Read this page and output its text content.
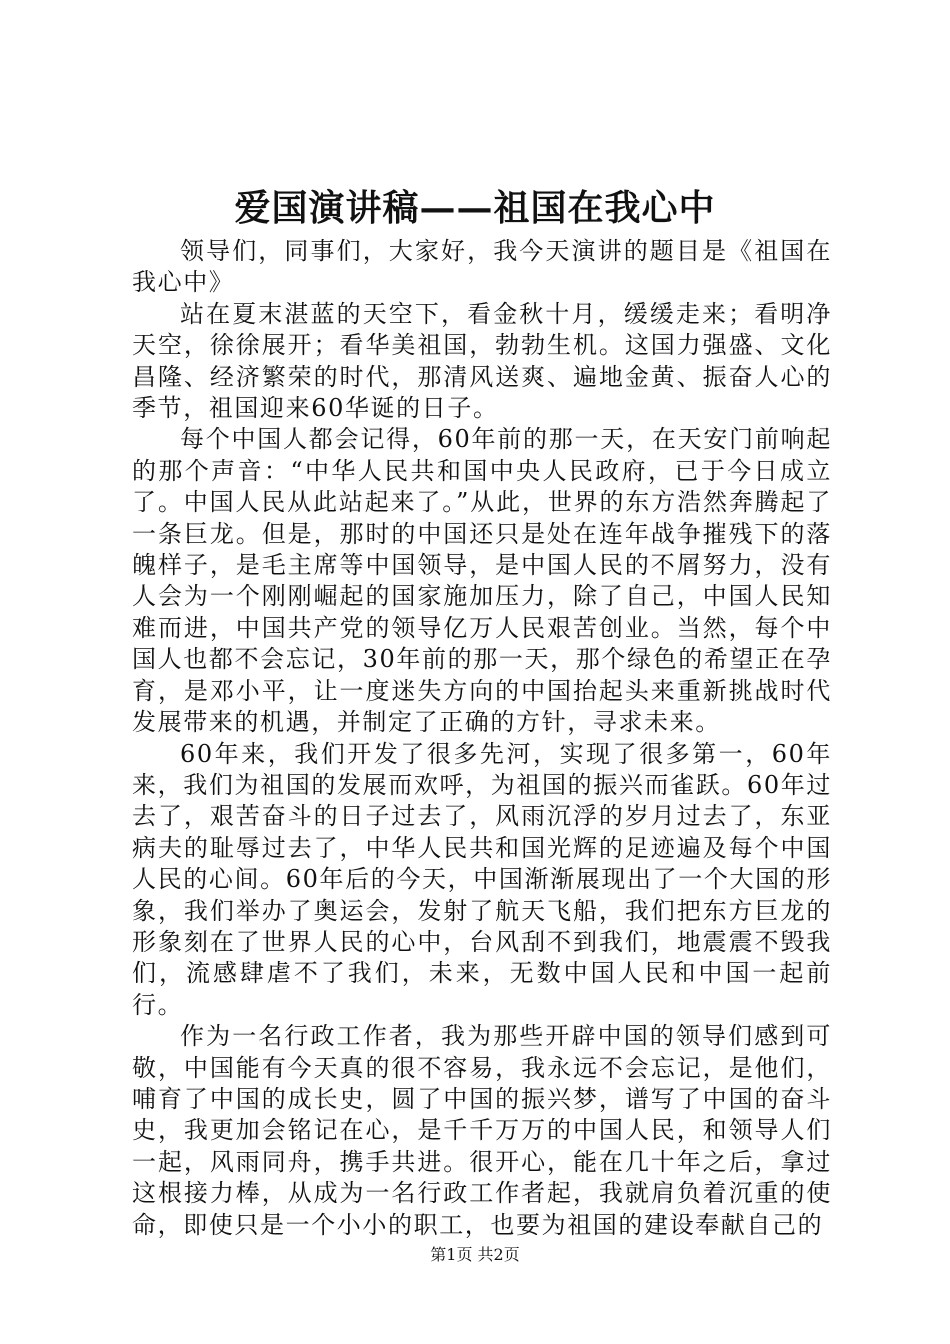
爱国演讲稿——祖国在我心中

领导们，同事们，大家好，我今天演讲的题目是《祖国在我心中》

站在夏末湛蓝的天空下，看金秋十月，缓缓走来；看明净天空，徐徐展开；看华美祖国，勃勃生机。这国力强盛、文化昌隆、经济繁荣的时代，那清风送爽、遍地金黄、振奋人心的季节，祖国迎来60华诞的日子。

每个中国人都会记得，60年前的那一天，在天安门前响起的那个声音：“中华人民共和国中央人民政府，已于今日成立了。中国人民从此站起来了。”从此，世界的东方浩然奔腾起了一条巨龙。但是，那时的中国还只是处在连年战争摧残下的落魄样子，是毛主席等中国领导，是中国人民的不屑努力，没有人会为一个刚刚崛起的国家施加压力，除了自己，中国人民知难而进，中国共产党的领导亿万人民艰苦创业。当然，每个中国人也都不会忘记，30年前的那一天，那个绿色的希望正在孕育，是邓小平，让一度迷失方向的中国抬起头来重新挑战时代发展带来的机遇，并制定了正确的方针，寻求未来。

60年来，我们开发了很多先河，实现了很多第一，60年来，我们为祖国的发展而欢呼，为祖国的振兴而雀跃。60年过去了，艰苦奋斗的日子过去了，风雨沉浮的岁月过去了，东亚病夫的耻辱过去了，中华人民共和国光辉的足迹遍及每个中国人民的心间。60年后的今天，中国渐渐展现出了一个大国的形象，我们举办了奥运会，发射了航天飞船，我们把东方巨龙的形象刻在了世界人民的心中，台风刮不到我们，地震震不毁我们，流感肆虐不了我们，未来，无数中国人民和中国一起前行。

作为一名行政工作者，我为那些开辟中国的领导们感到可敬，中国能有今天真的很不容易，我永远不会忘记，是他们，哺育了中国的成长史，圆了中国的振兴梦，谱写了中国的奋斗史，我更加会铭记在心，是千千万万的中国人民，和领导人们一起，风雨同舟，携手共进。很开心，能在几十年之后，拿过这根接力棒，从成为一名行政工作者起，我就肩负着沉重的使命，即使只是一个小小的职工，也要为祖国的建设奉献自己的

第1页 共2页
